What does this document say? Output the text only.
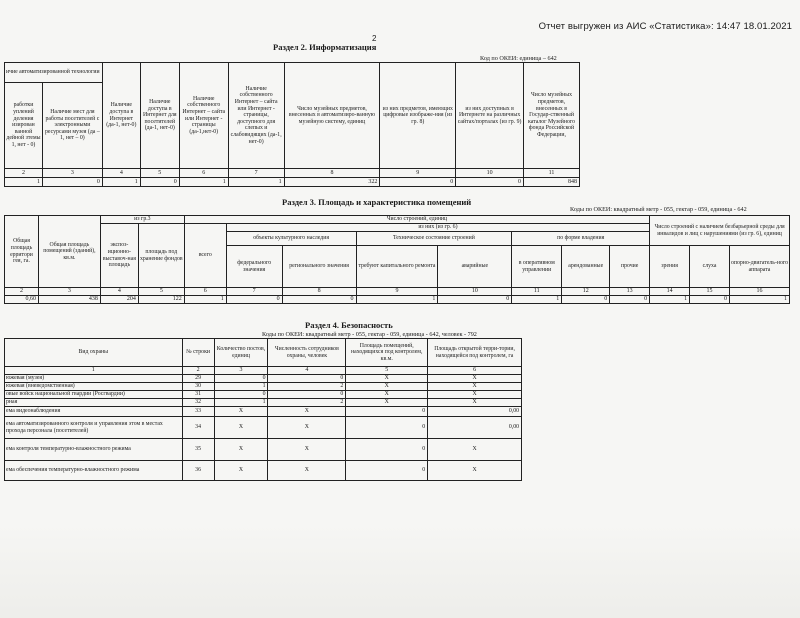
Отчет выгружен из АИС «Статистика»: 14:47 18.01.2021
2
Раздел 2. Информатизация
Код по ОКЕИ: единица – 642
ичие автоматизированной технологии		Наличие доступа в Интернет (да-1, нет-0)	Наличие доступа в Интернет для посетителей (да-1, нет-0)	Наличие собственного Интернет – сайта или Интернет - страницы (да-1,нет-0)	Наличие собственного Интернет – сайта или Интернет - страницы, доступного для слепых и слабовидящих (да-1, нет-0)	Число музейных предметов, внесенных в автоматизиро-ванную музейную систему, единиц	из них предметов, имеющих цифровые изображе-ния (из гр. 8)	из них доступных в Интернете на различных сайтах/порталах (из гр. 9)	Число музейных предметов, внесенных в Государ-ственный каталог Музейного фонда Российской Федерации,
работки уплений деления изирован ванной дейной зтемы 1, нет - 0)	Наличие мест для работы посетителей с электронными ресурсами музея (да – 1, нет – 0)								
2	3	4	5	6	7	8	9	10	11
1	0	1	0	1	1	322	0	0	848
Раздел 3. Площадь и характеристика помещений
Коды по ОКЕИ: квадратный метр - 055, гектар - 059, единица - 642
Общая площадь ерритори гея, га.	Общая площадь помещений (зданий), кв.м.	из гр.3		Число строений, единиц								Число строений с наличием безбарьерной среды для инвалидов и лиц с нарушениями (из гр. 6), единиц		
		экспоз-иционно-выставоч-ная площадь	площадь под хранение фондов	всего	из них (из гр. 6)									
					объекты культурного наследия		Техническое состояние строений		по форме владения					
					федерального значения	регионального значения	требуют капитального ремонта	аварийные	в оперативном управлении	арендованные	прочие	зрения	слуха	опорно-двигатель-ного аппарата
2	3	4	5	6	7	8	9	10	11	12	13	14	15	16
0,60	438	204	122	1	0	0	1	0	1	0	0	1	0	1
Раздел 4. Безопасность
Коды по ОКЕИ: квадратный метр - 055, гектар - 059, единица - 642, человек - 792
Вид охраны	№ строки	Количество постов, единиц	Численность сотрудников охраны, человек	Площадь помещений, находящихся под контролем, кв.м.	Площадь открытой терри-тории, находящейся под контролем, га
1	2	3	4	5	6
южевая (музея)	29	0	0	X	X
южевая (вневедомственная)	30	1	2	X	X
овые войск национальной гвардии (Росгвардии)	31	0	0	X	X
рная	32	1	2	X	X
ема видеонаблюдения	33	X	X	0	0,00
ема автоматизированного контроля и управления этом в местах прохода персонала (посетителей)	34	X	X	0	0,00
ема контроля температурно-влажностного режима	35	X	X	0	X
ема обеспечения температурно-влажностного режима	36	X	X	0	X
